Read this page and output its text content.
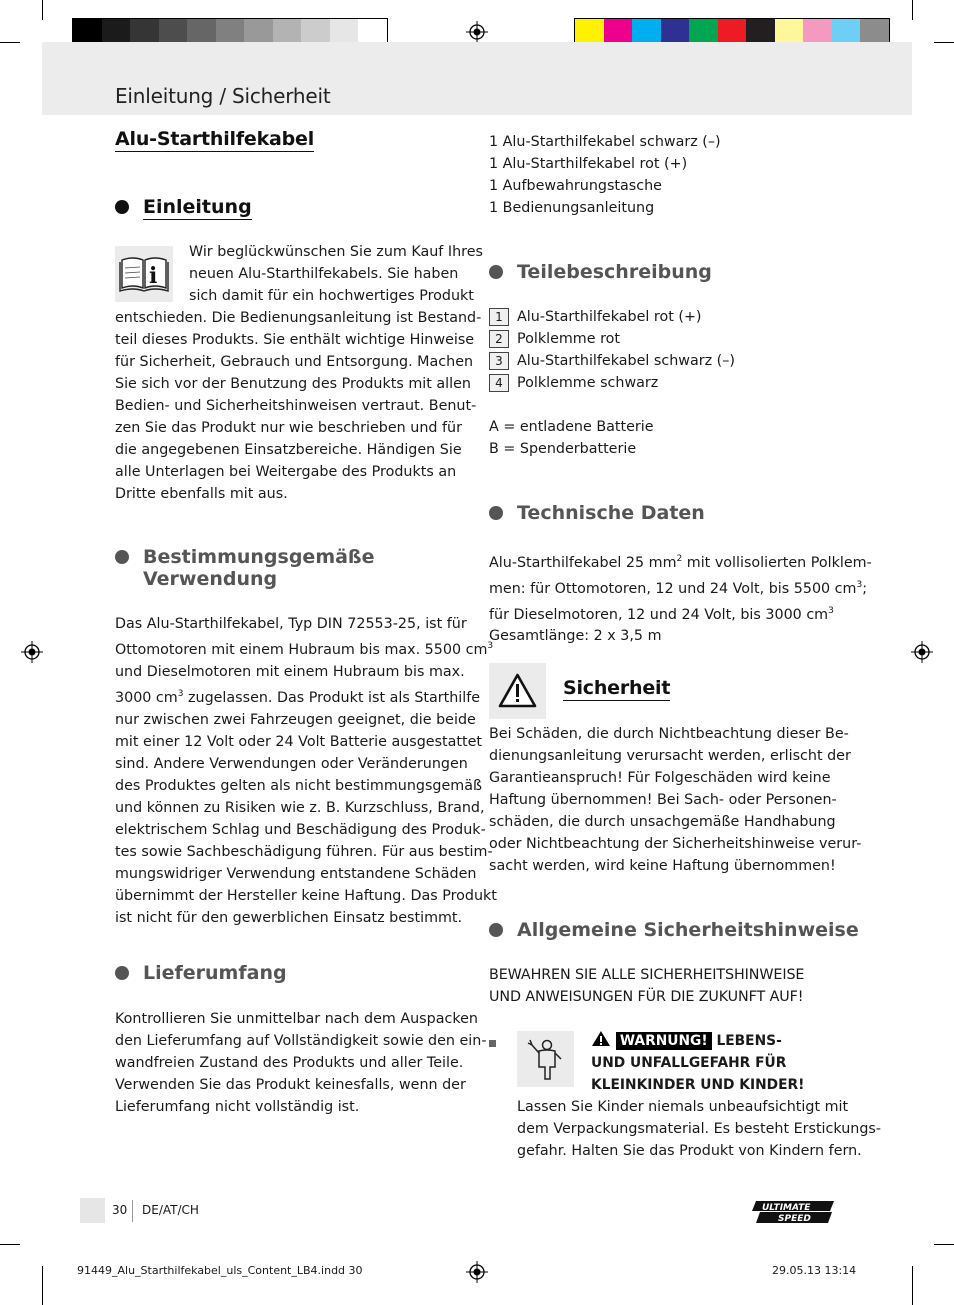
Einleitung / Sicherheit
Alu-Starthilfekabel
Einleitung
i
Wir beglückwünschen Sie zum Kauf Ihres
neuen Alu-Starthilfekabels. Sie haben
sich damit für ein hochwertiges Produkt
entschieden. Die Bedienungsanleitung ist Bestand-
teil dieses Produkts. Sie enthält wichtige Hinweise
für Sicherheit, Gebrauch und Entsorgung. Machen
Sie sich vor der Benutzung des Produkts mit allen
Bedien- und Sicherheitshinweisen vertraut. Benut-
zen Sie das Produkt nur wie beschrieben und für
die angegebenen Einsatzbereiche. Händigen Sie
alle Unterlagen bei Weitergabe des Produkts an
Dritte ebenfalls mit aus.
Bestimmungsgemäße
Verwendung
Das Alu-Starthilfekabel, Typ DIN 72553-25, ist für
Ottomotoren mit einem Hubraum bis max. 5500 $cm^3$
und Dieselmotoren mit einem Hubraum bis max.
3000 $cm^3$ zugelassen. Das Produkt ist als Starthilfe
nur zwischen zwei Fahrzeugen geeignet, die beide
mit einer 12 Volt oder 24 Volt Batterie ausgestattet
sind. Andere Verwendungen oder Veränderungen
des Produktes gelten als nicht bestimmungsgemäß
und können zu Risiken wie z. B. Kurzschluss, Brand,
elektrischem Schlag und Beschädigung des Produk-
tes sowie Sachbeschädigung führen. Für aus bestim-
mungswidriger Verwendung entstandene Schäden
übernimmt der Hersteller keine Haftung. Das Produkt
ist nicht für den gewerblichen Einsatz bestimmt.
Lieferumfang
Kontrollieren Sie unmittelbar nach dem Auspacken
den Lieferumfang auf Vollständigkeit sowie den ein-
wandfreien Zustand des Produkts und aller Teile.
Verwenden Sie das Produkt keinesfalls, wenn der
Lieferumfang nicht vollständig ist.
1 Alu-Starthilfekabel schwarz (–)
1 Alu-Starthilfekabel rot (+)
1 Aufbewahrungstasche
1 Bedienungsanleitung
Teilebeschreibung
1 Alu-Starthilfekabel rot (+)
2 Polklemme rot
3 Alu-Starthilfekabel schwarz (–)
4 Polklemme schwarz
A = entladene Batterie
B = Spenderbatterie
Technische Daten
Alu-Starthilfekabel 25 $mm^2$ mit vollisolierten Polklem-
men: für Ottomotoren, 12 und 24 Volt, bis 5500 $cm^3$;
für Dieselmotoren, 12 und 24 Volt, bis 3000 $cm^3$
Gesamtlänge: 2 x 3,5 m
Sicherheit
Bei Schäden, die durch Nichtbeachtung dieser Be-
dienungsanleitung verursacht werden, erlischt der
Garantieanspruch! Für Folgeschäden wird keine
Haftung übernommen! Bei Sach- oder Personen-
schäden, die durch unsachgemäße Handhabung
oder Nichtbeachtung der Sicherheitshinweise verur-
sacht werden, wird keine Haftung übernommen!
Allgemeine Sicherheitshinweise
BEWAHREN SIE ALLE SICHERHEITSHINWEISE
UND ANWEISUNGEN FÜR DIE ZUKUNFT AUF!
WARNUNG! LEBENS-
UND UNFALLGEFAHR FÜR
KLEINKINDER UND KINDER!
Lassen Sie Kinder niemals unbeaufsichtigt mit
dem Verpackungsmaterial. Es besteht Erstickungs-
gefahr. Halten Sie das Produkt von Kindern fern.
30 DE/AT/CH	ULTIMATE
SPEED
91449_Alu_Starthilfekabel_uls_Content_LB4.indd 30	29.05.13 13:14
